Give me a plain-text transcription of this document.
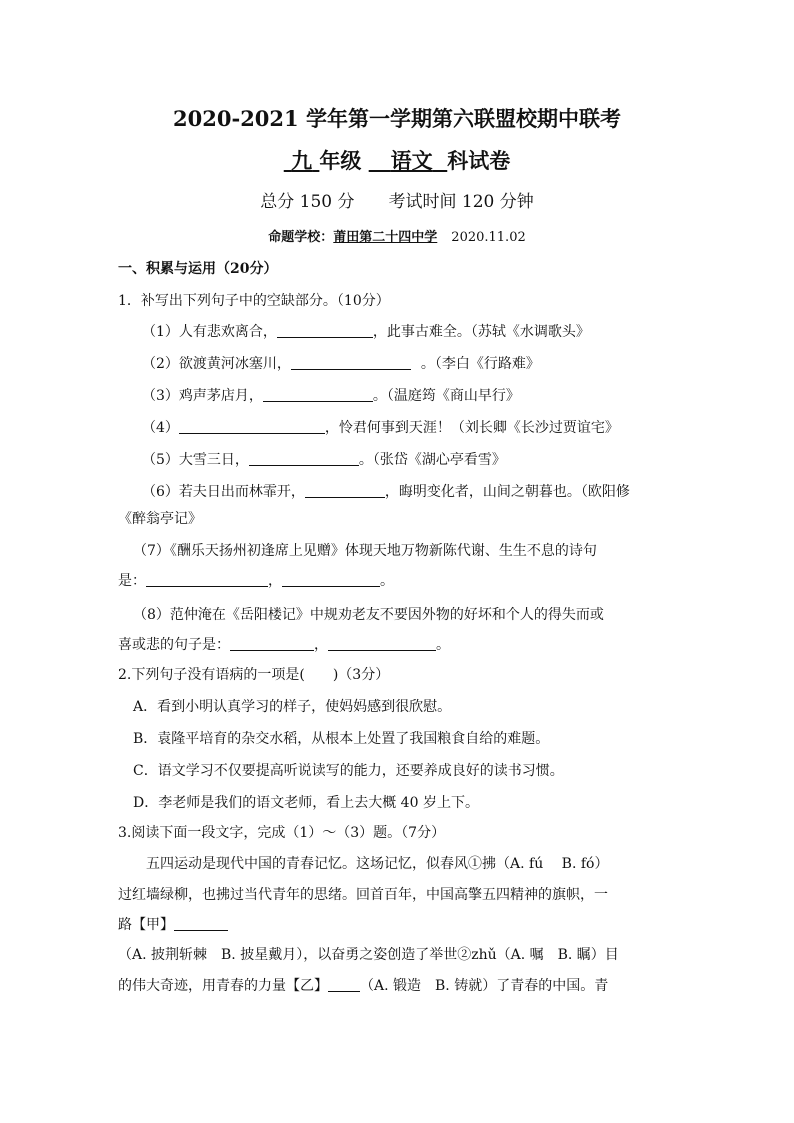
2020-2021 学年第一学期第六联盟校期中联考
九 年级 语文 科试卷
总分 150 分 考试时间 120 分钟
命题学校：莆田第二十四中学 2020.11.02
一、积累与运用（20分）
1．补写出下列句子中的空缺部分。（10分）
（1）人有悲欢离合，	，此事古难全。（苏轼《水调歌头》
（2）欲渡黄河冰塞川，	。（李白《行路难》
（3）鸡声茅店月，	。（温庭筠《商山早行》
（4）	，怜君何事到天涯！（刘长卿《长沙过贾谊宅》
（5）大雪三日，	。（张岱《湖心亭看雪》
（6）若夫日出而林霏开，	，晦明变化者，山间之朝暮也。（欧阳修
《醉翁亭记》
（7）《酬乐天扬州初逢席上见赠》体现天地万物新陈代谢、生生不息的诗句
是：	，	。
（8）范仲淹在《岳阳楼记》中规劝老友不要因外物的好坏和个人的得失而或
喜或悲的句子是：	，	。
2.下列句子没有语病的一项是(　　)（3分）
A．看到小明认真学习的样子，使妈妈感到很欣慰。
B．袁隆平培育的杂交水稻，从根本上处置了我国粮食自给的难题。
C．语文学习不仅要提高听说读写的能力，还要养成良好的读书习惯。
D．李老师是我们的语文老师，看上去大概 40 岁上下。
3.阅读下面一段文字，完成（1）～（3）题。（7分）
　　五四运动是现代中国的青春记忆。这场记忆，似春风①拂（A. fú　 B. fó）
过红墙绿柳，也拂过当代青年的思绪。回首百年，中国高擎五四精神的旗帜，一
路【甲】
（A. 披荆斩棘　B. 披星戴月），以奋勇之姿创造了举世②zhǔ（A. 嘱　B. 瞩）目
的伟大奇迹，用青春的力量【乙】 （A. 锻造　B. 铸就）了青春的中国。青
